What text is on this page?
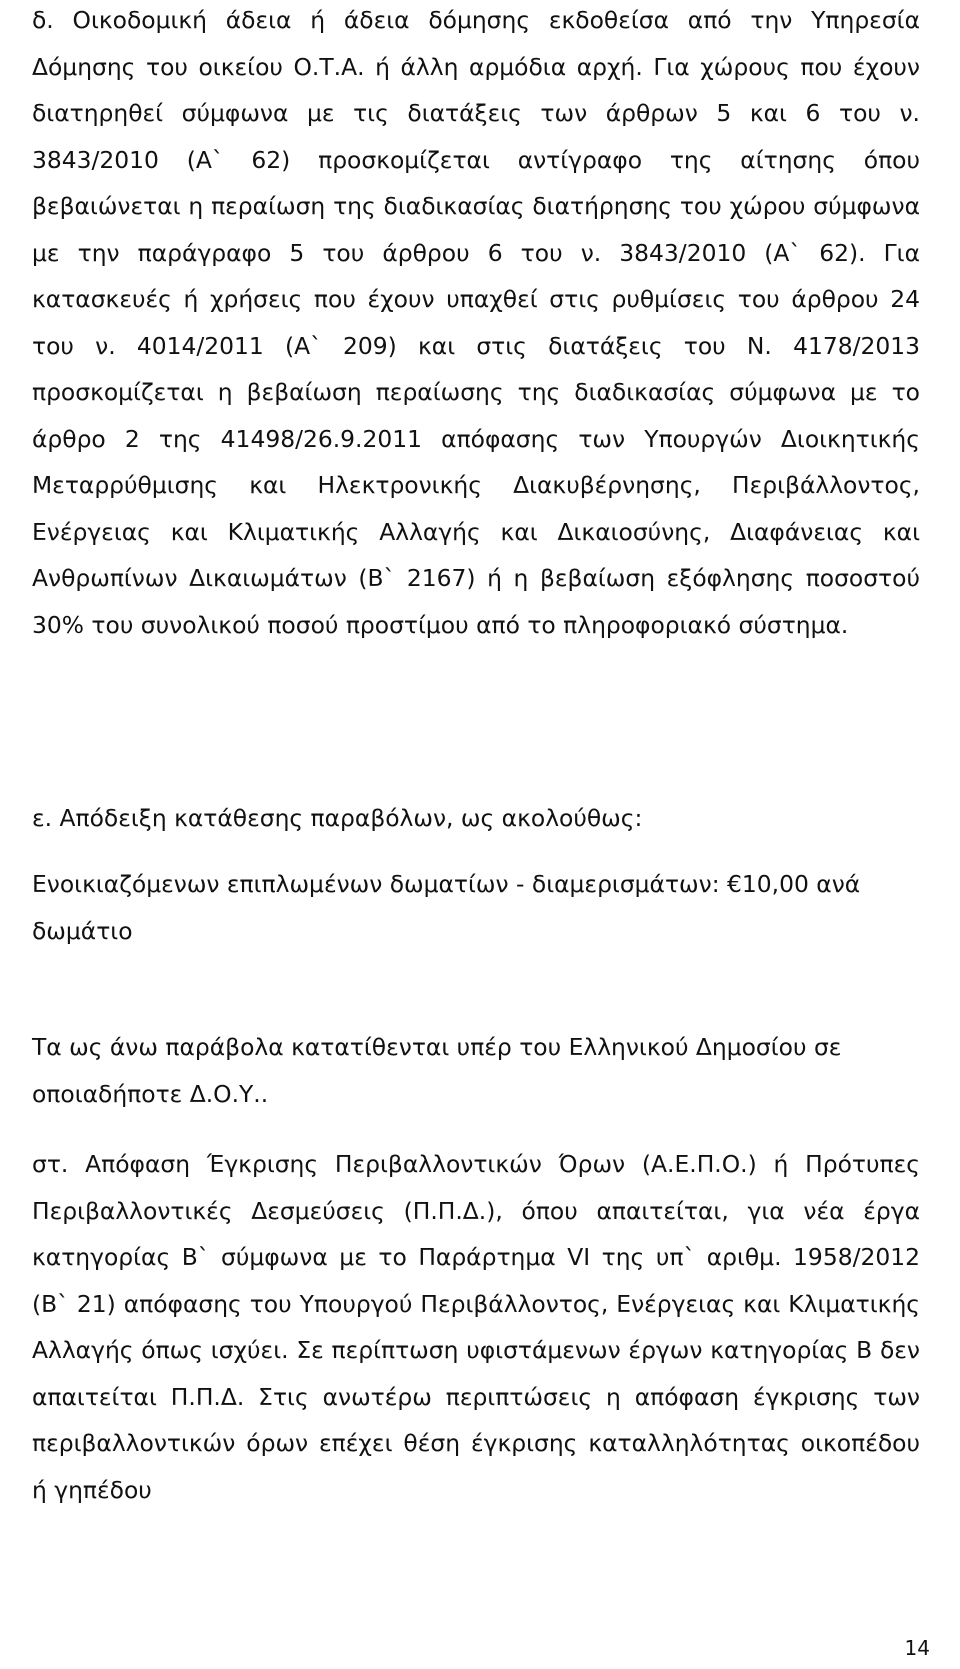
δ. Οικοδομική άδεια ή άδεια δόμησης εκδοθείσα από την Υπηρεσία Δόμησης του οικείου Ο.Τ.Α. ή άλλη αρμόδια αρχή. Για χώρους που έχουν διατηρηθεί σύμφωνα με τις διατάξεις των άρθρων 5 και 6 του ν. 3843/2010 (Α` 62) προσκομίζεται αντίγραφο της αίτησης όπου βεβαιώνεται η περαίωση της διαδικασίας διατήρησης του χώρου σύμφωνα με την παράγραφο 5 του άρθρου 6 του ν. 3843/2010 (Α` 62). Για κατασκευές ή χρήσεις που έχουν υπαχθεί στις ρυθμίσεις του άρθρου 24 του ν. 4014/2011 (Α` 209) και στις διατάξεις του Ν. 4178/2013 προσκομίζεται η βεβαίωση περαίωσης της διαδικασίας σύμφωνα με το άρθρο 2 της 41498/26.9.2011 απόφασης των Υπουργών Διοικητικής Μεταρρύθμισης και Ηλεκτρονικής Διακυβέρνησης, Περιβάλλοντος, Ενέργειας και Κλιματικής Αλλαγής και Δικαιοσύνης, Διαφάνειας και Ανθρωπίνων Δικαιωμάτων (Β` 2167) ή η βεβαίωση εξόφλησης ποσοστού 30% του συνολικού ποσού προστίμου από το πληροφοριακό σύστημα.

ε. Απόδειξη κατάθεσης παραβόλων, ως ακολούθως:

Ενοικιαζόμενων επιπλωμένων δωματίων - διαμερισμάτων: €10,00 ανά δωμάτιο

Τα ως άνω παράβολα κατατίθενται υπέρ του Ελληνικού Δημοσίου σε οποιαδήποτε Δ.Ο.Υ..

στ. Απόφαση Έγκρισης Περιβαλλοντικών Όρων (Α.Ε.Π.Ο.) ή Πρότυπες Περιβαλλοντικές Δεσμεύσεις (Π.Π.Δ.), όπου απαιτείται, για νέα έργα κατηγορίας Β` σύμφωνα με το Παράρτημα VI της υπ` αριθμ. 1958/2012 (Β` 21) απόφασης του Υπουργού Περιβάλλοντος, Ενέργειας και Κλιματικής Αλλαγής όπως ισχύει. Σε περίπτωση υφιστάμενων έργων κατηγορίας Β δεν απαιτείται Π.Π.Δ. Στις ανωτέρω περιπτώσεις η απόφαση έγκρισης των περιβαλλοντικών όρων επέχει θέση έγκρισης καταλληλότητας οικοπέδου ή γηπέδου

14
